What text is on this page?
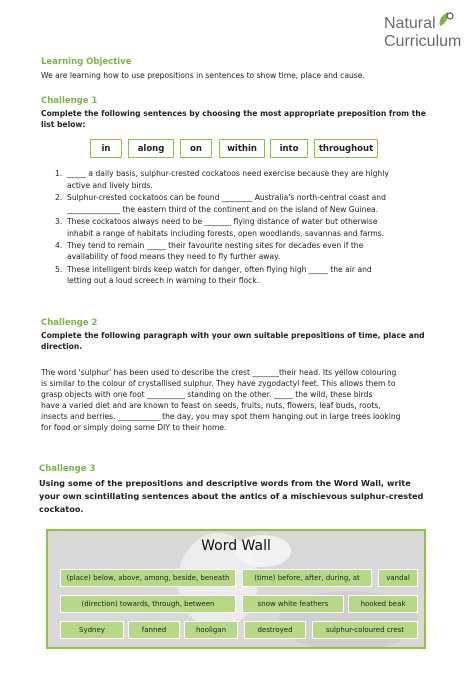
Natural
Curriculum
Learning Objective
We are learning how to use prepositions in sentences to show time, place and cause.
Challenge 1
Complete the following sentences by choosing the most appropriate preposition from the
list below:
in	along	on	within	into	throughout
1. _____ a daily basis, sulphur-crested cockatoos need exercise because they are highly
active and lively birds.
2. Sulphur-crested cockatoos can be found ________ Australia's north-central coast and
______________ the eastern third of the continent and on the island of New Guinea.
3. These cockatoos always need to be _______ flying distance of water but otherwise
inhabit a range of habitats including forests, open woodlands, savannas and farms.
4. They tend to remain _____ their favourite nesting sites for decades even if the
availability of food means they need to fly further away.
5. These intelligent birds keep watch for danger, often flying high _____ the air and
letting out a loud screech in warning to their flock.
Challenge 2
Complete the following paragraph with your own suitable prepositions of time, place and
direction.
The word 'sulphur' has been used to describe the crest _______their head. Its yellow colouring
is similar to the colour of crystallised sulphur. They have zygodactyl feet. This allows them to
grasp objects with one foot __________ standing on the other. _____ the wild, these birds
have a varied diet and are known to feast on seeds, fruits, nuts, flowers, leaf buds, roots,
insects and berries. ___________ the day, you may spot them hanging out in large trees looking
for food or simply doing some DIY to their home.
Challenge 3
Using some of the prepositions and descriptive words from the Word Wall, write
your own scintillating sentences about the antics of a mischievous sulphur-crested
cockatoo.
Word Wall
(place) below, above, among, beside, beneath	(time) before, after, during, at	vandal
(direction) towards, through, between	snow white feathers	hooked beak
Sydney	fanned	hooligan	destroyed	sulphur-coloured crest
